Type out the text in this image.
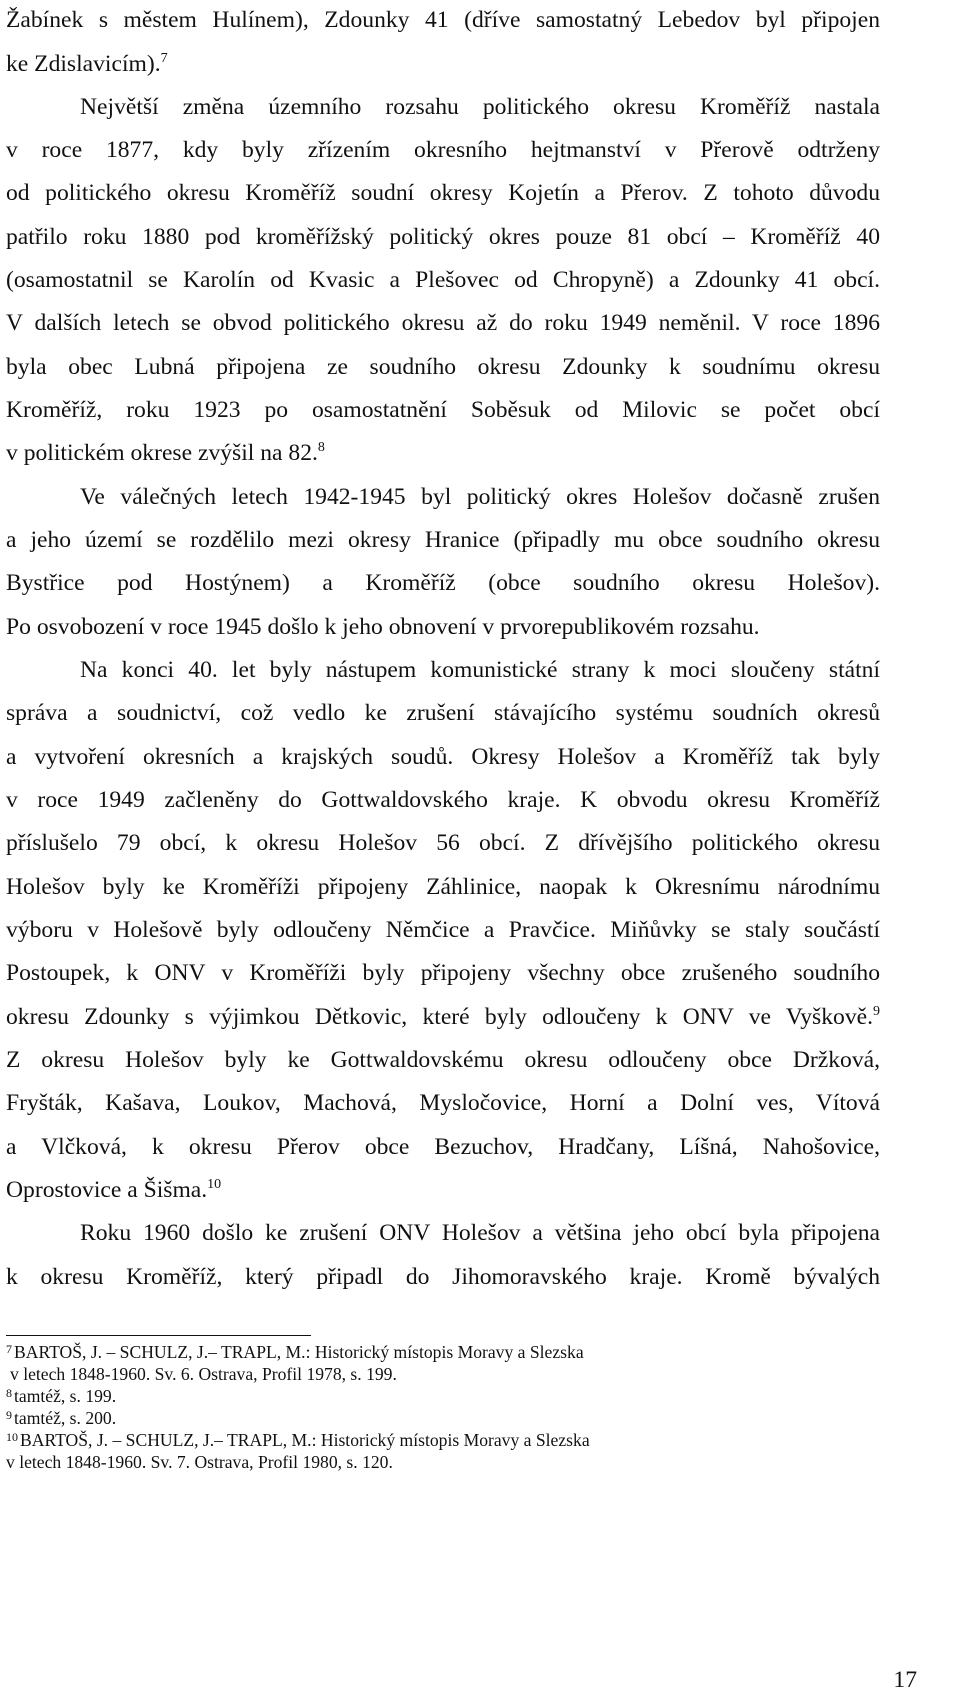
Žabínek s městem Hulínem), Zdounky 41 (dříve samostatný Lebedov byl připojen
ke Zdislavicím).$^7$
Největší změna územního rozsahu politického okresu Kroměříž nastala
v roce 1877, kdy byly zřízením okresního hejtmanství v Přerově odtrženy
od politického okresu Kroměříž soudní okresy Kojetín a Přerov. Z tohoto důvodu
patřilo roku 1880 pod kroměřížský politický okres pouze 81 obcí – Kroměříž 40
(osamostatnil se Karolín od Kvasic a Plešovec od Chropyně) a Zdounky 41 obcí.
V dalších letech se obvod politického okresu až do roku 1949 neměnil. V roce 1896
byla obec Lubná připojena ze soudního okresu Zdounky k soudnímu okresu
Kroměříž, roku 1923 po osamostatnění Soběsuk od Milovic se počet obcí
v politickém okrese zvýšil na 82.$^8$
Ve válečných letech 1942-1945 byl politický okres Holešov dočasně zrušen
a jeho území se rozdělilo mezi okresy Hranice (připadly mu obce soudního okresu
Bystřice pod Hostýnem) a Kroměříž (obce soudního okresu Holešov).
Po osvobození v roce 1945 došlo k jeho obnovení v prvorepublikovém rozsahu.
Na konci 40. let byly nástupem komunistické strany k moci sloučeny státní
správa a soudnictví, což vedlo ke zrušení stávajícího systému soudních okresů
a vytvoření okresních a krajských soudů. Okresy Holešov a Kroměříž tak byly
v roce 1949 začleněny do Gottwaldovského kraje. K obvodu okresu Kroměříž
příslušelo 79 obcí, k okresu Holešov 56 obcí. Z dřívějšího politického okresu
Holešov byly ke Kroměříži připojeny Záhlinice, naopak k Okresnímu národnímu
výboru v Holešově byly odloučeny Němčice a Pravčice. Miňůvky se staly součástí
Postoupek, k ONV v Kroměříži byly připojeny všechny obce zrušeného soudního
okresu Zdounky s výjimkou Dětkovic, které byly odloučeny k ONV ve Vyškově.$^9$
Z okresu Holešov byly ke Gottwaldovskému okresu odloučeny obce Držková,
Fryšták, Kašava, Loukov, Machová, Mysločovice, Horní a Dolní ves, Vítová
a Vlčková, k okresu Přerov obce Bezuchov, Hradčany, Líšná, Nahošovice,
Oprostovice a Šišma.$^{10}$
Roku 1960 došlo ke zrušení ONV Holešov a většina jeho obcí byla připojena
k okresu Kroměříž, který připadl do Jihomoravského kraje. Kromě bývalých
$^7$ BARTOŠ, J. – SCHULZ, J.– TRAPL, M.: Historický místopis Moravy a Slezska
v letech 1848-1960. Sv. 6. Ostrava, Profil 1978, s. 199.
$^8$ tamtéž, s. 199.
$^9$ tamtéž, s. 200.
$^{10}$ BARTOŠ, J. – SCHULZ, J.– TRAPL, M.: Historický místopis Moravy a Slezska
v letech 1848-1960. Sv. 7. Ostrava, Profil 1980, s. 120.
17
